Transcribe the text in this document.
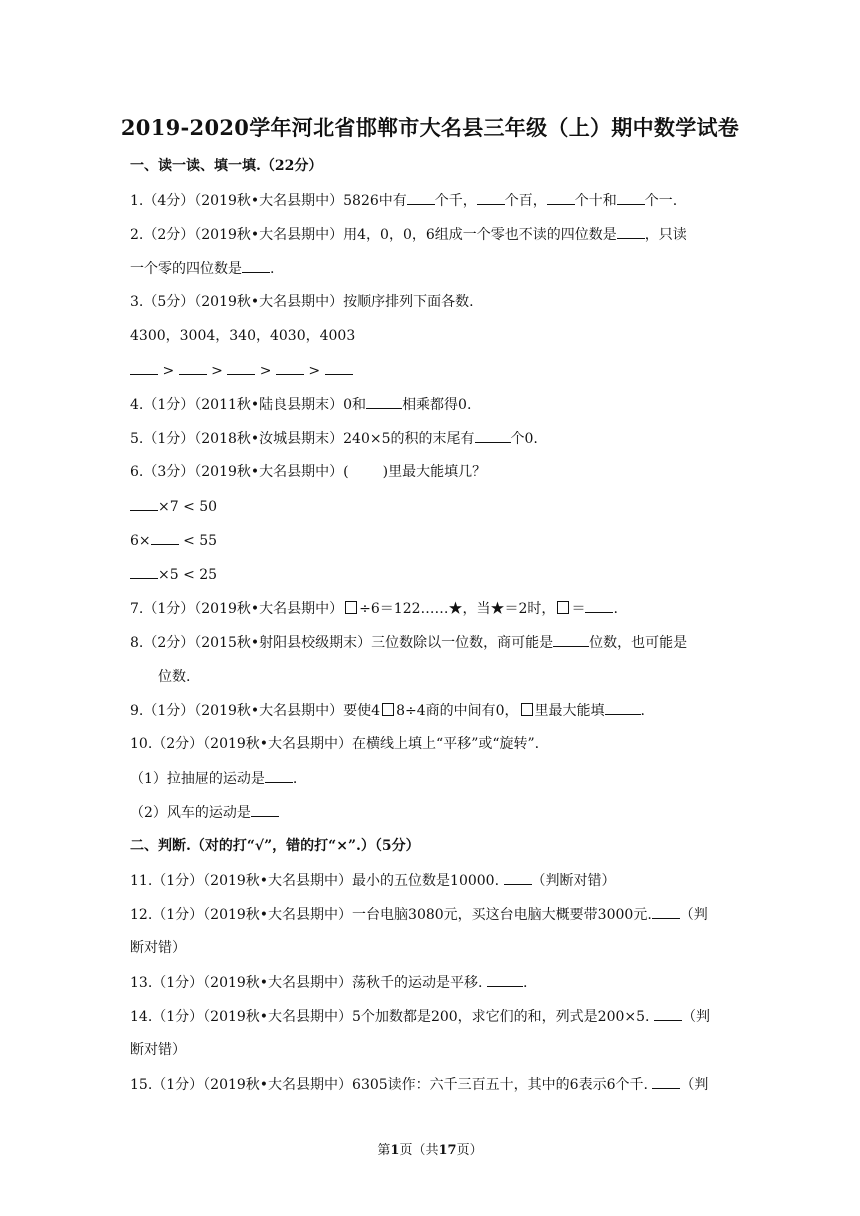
2019-2020学年河北省邯郸市大名县三年级（上）期中数学试卷
一、读一读、填一填.（22分）
1.（4分）（2019秋•大名县期中）5826中有 个千， 个百， 个十和 个一.
2.（2分）（2019秋•大名县期中）用4，0，0，6组成一个零也不读的四位数是 ，只读
一个零的四位数是 .
3.（5分）（2019秋•大名县期中）按顺序排列下面各数.
4300，3004，340，4030，4003
>	>	>	>
4.（1分）（2011秋•陆良县期末）0和	相乘都得0.
5.（1分）（2018秋•汝城县期末）240×5的积的末尾有	个0.
6.（3分）（2019秋•大名县期中）( )里最大能填几？
×7 < 50
6× < 55
×5 < 25
7.（1分）（2019秋•大名县期中） ÷6＝122……★，当★＝2时， ＝ .
8.（2分）（2015秋•射阳县校级期末）三位数除以一位数，商可能是	位数，也可能是
位数.
9.（1分）（2019秋•大名县期中）要使4 8÷4商的中间有0， 里最大能填	.
10.（2分）（2019秋•大名县期中）在横线上填上“平移”或“旋转”.
（1）拉抽屉的运动是 .
（2）风车的运动是
二、判断.（对的打“√”，错的打“×”.）（5分）
11.（1分）（2019秋•大名县期中）最小的五位数是10000. （判断对错）
12.（1分）（2019秋•大名县期中）一台电脑3080元，买这台电脑大概要带3000元. （判
断对错）
13.（1分）（2019秋•大名县期中）荡秋千的运动是平移.	.
14.（1分）（2019秋•大名县期中）5个加数都是200，求它们的和，列式是200×5. （判
断对错）
15.（1分）（2019秋•大名县期中）6305读作：六千三百五十，其中的6表示6个千. （判
第1页（共17页）
